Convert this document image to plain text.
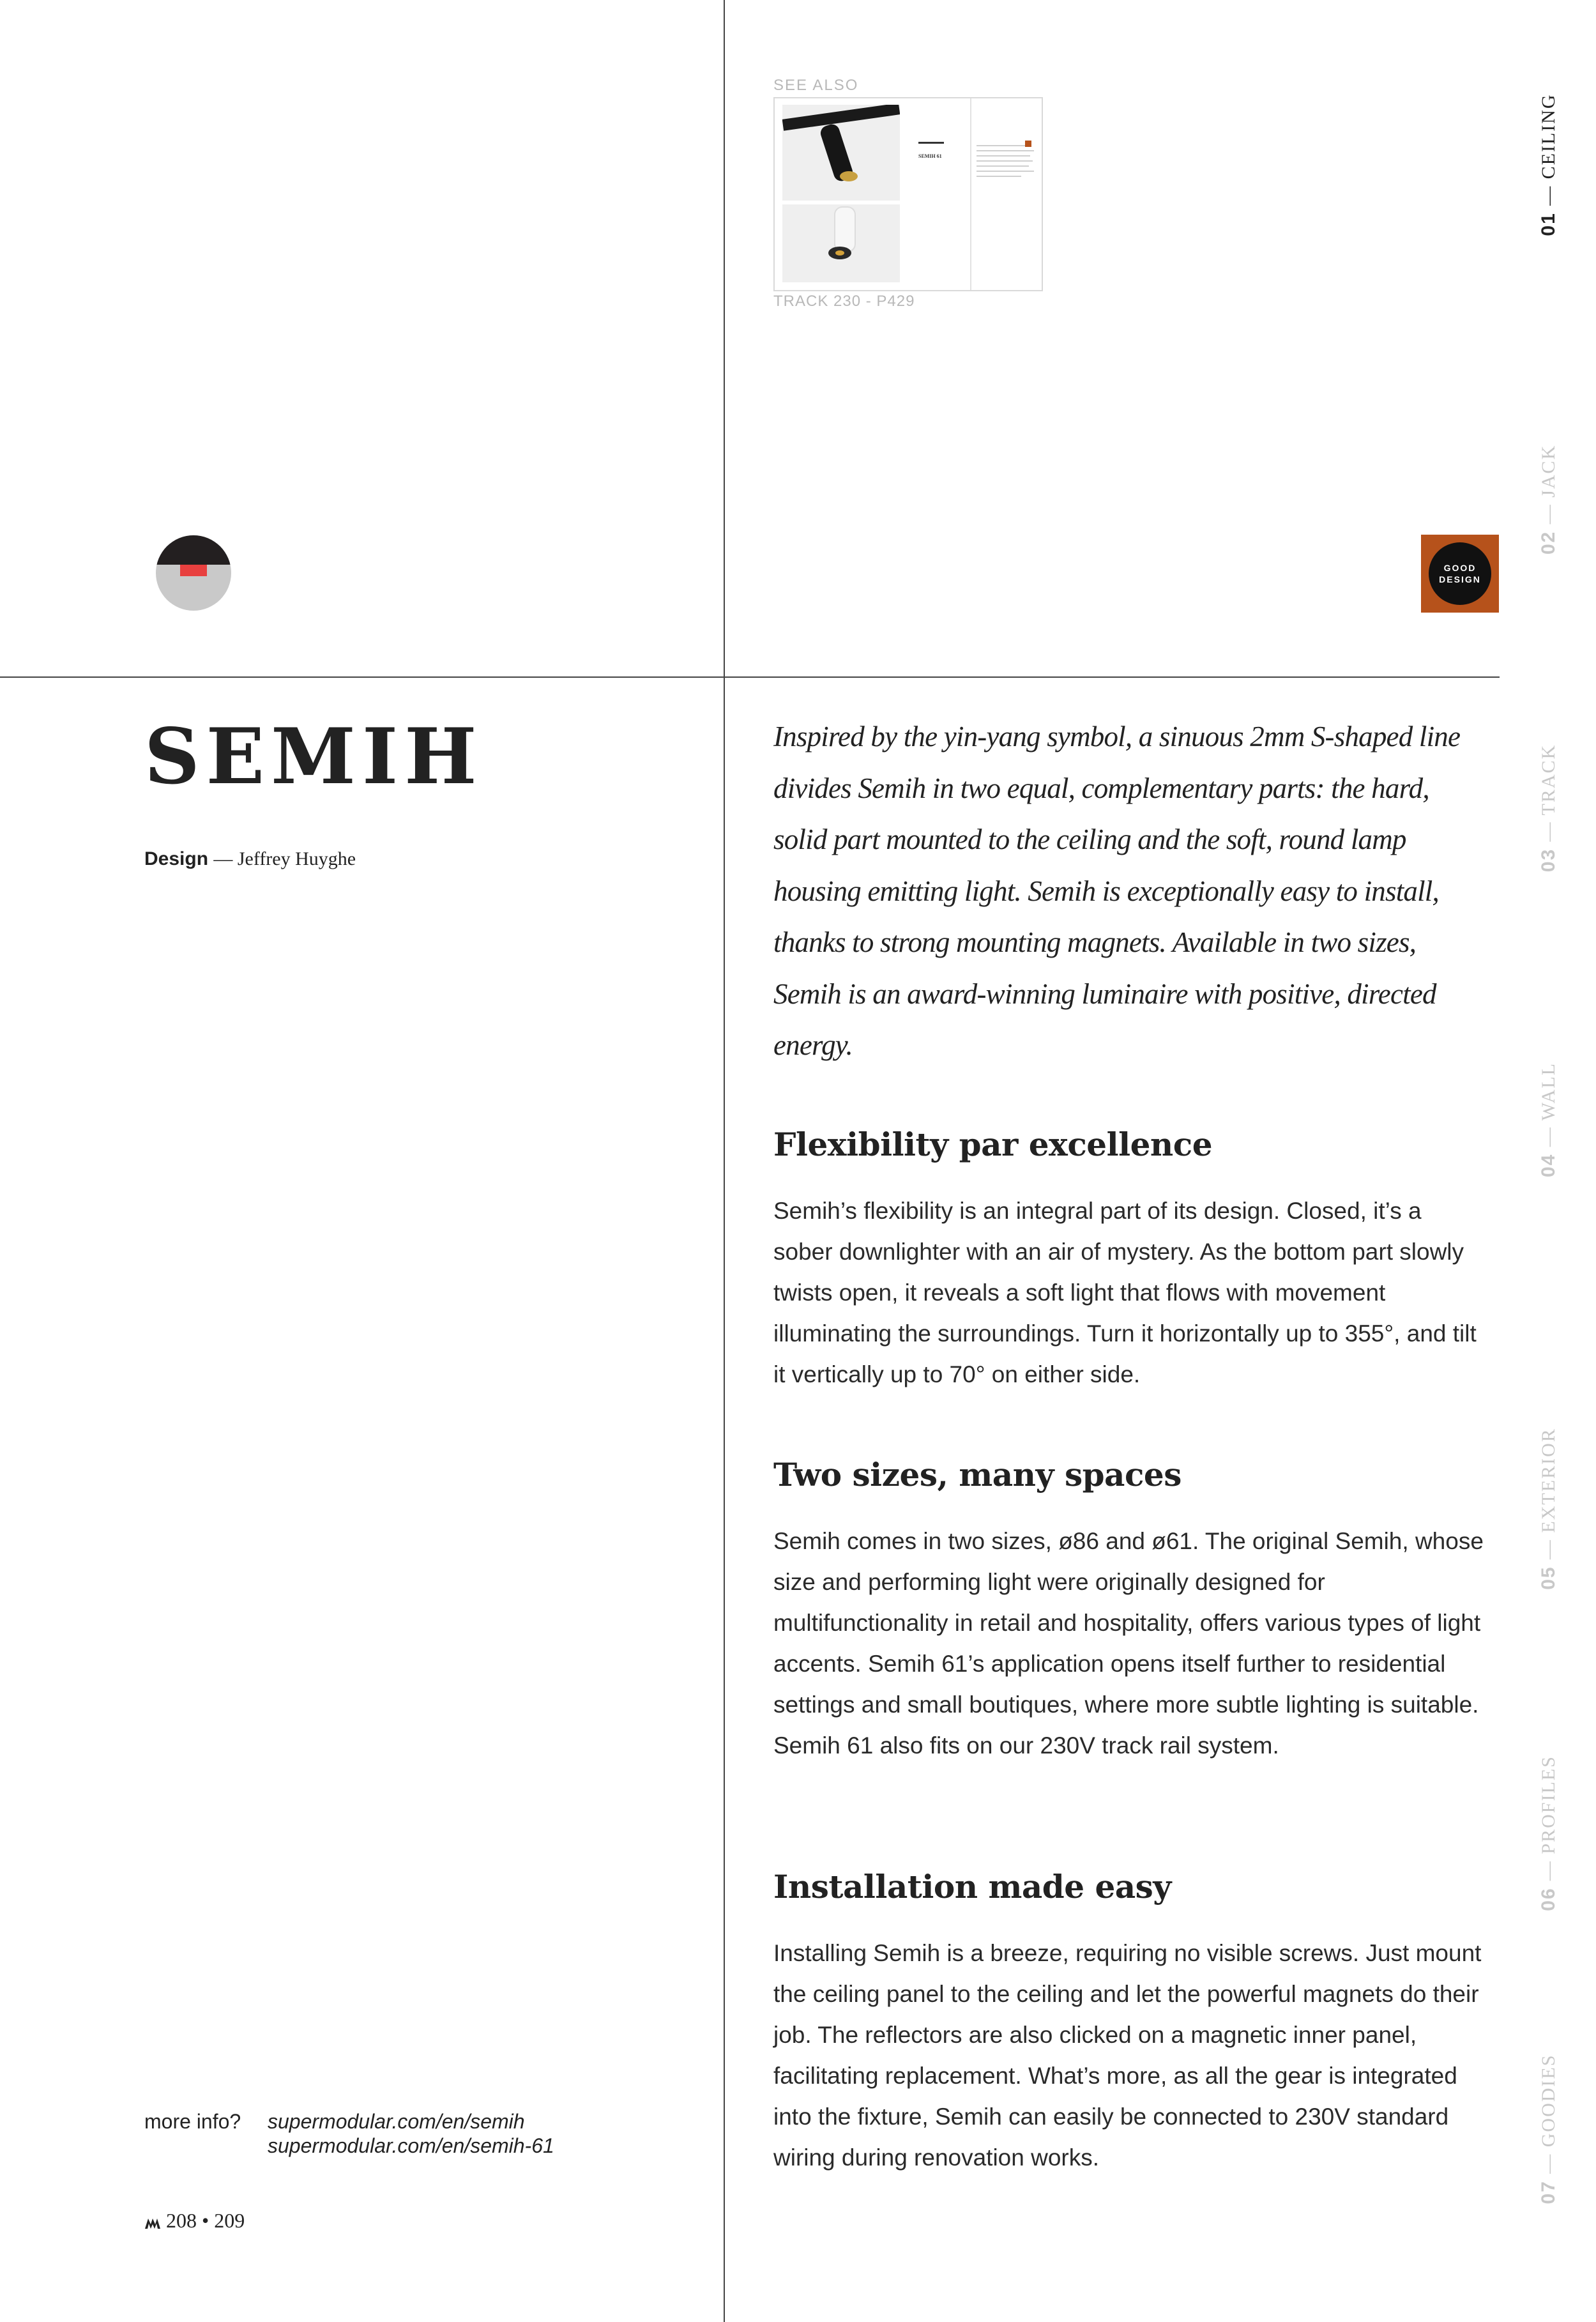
SEE ALSO
SEMIH 61
TRACK 230 - P429
GOOD
DESIGN
SEMIH
Design — Jeffrey Huyghe
more info? supermodular.com/en/semih
supermodular.com/en/semih-61
208 • 209
Inspired by the yin-yang symbol, a sinuous 2mm S-shaped line divides Semih in two equal, complementary parts: the hard, solid part mounted to the ceiling and the soft, round lamp housing emitting light. Semih is exceptionally easy to install, thanks to strong mounting magnets. Available in two sizes, Semih is an award-winning luminaire with positive, directed energy.
Flexibility par excellence
Semih’s flexibility is an integral part of its design. Closed, it’s a sober downlighter with an air of mystery. As the bottom part slowly twists open, it reveals a soft light that flows with movement illuminating the surroundings. Turn it horizontally up to 355°, and tilt it vertically up to 70° on either side.
Two sizes, many spaces
Semih comes in two sizes, ø86 and ø61. The original Semih, whose size and performing light were originally designed for multifunctionality in retail and hospitality, offers various types of light accents. Semih 61’s application opens itself further to residential settings and small boutiques, where more subtle lighting is suitable. Semih 61 also fits on our 230V track rail system.
Installation made easy
Installing Semih is a breeze, requiring no visible screws. Just mount the ceiling panel to the ceiling and let the powerful magnets do their job. The reflectors are also clicked on a magnetic inner panel, facilitating replacement. What’s more, as all the gear is integrated into the fixture, Semih can easily be connected to 230V standard wiring during renovation works.
01 — CEILING
02 — JACK
03 — TRACK
04 — WALL
05 — EXTERIOR
06 — PROFILES
07 — GOODIES
